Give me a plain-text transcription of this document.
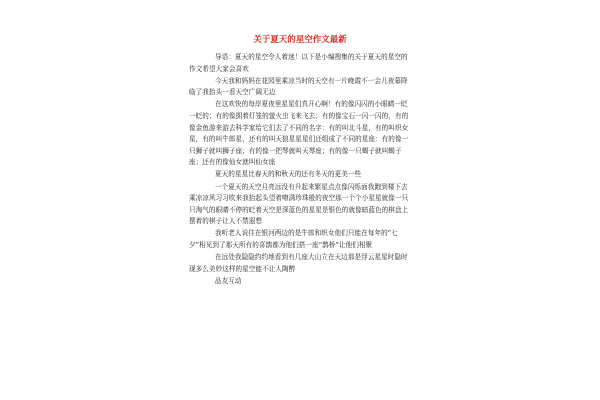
关于夏天的星空作文最新
导语：夏天的星空令人着迷！以下是小编搜集的关于夏天的星空的作文希望大家会喜欢
今天我和妈妈在花园里乘凉当时的天空有一片晚霞不一会儿夜幕降临了我抬头一看天空广阔无边
在这欢快的每岸夏夜里星星们真开心啊！有的像闪闪的小眼睛一眨一眨的；有的像拥着灯笼的萤火虫飞来飞去；有的像宝石一闪一闪的，有的像金鱼游来游去科学家给它们去了不同的名字：有的叫北斗星，有的叫织女星，有的叫牛郎星，还有的叫天狼星星星们还组成了不同的星座：有的像一只狮子就叫狮子座；有的像一把琴就叫天琴座；有的像一只蝎子就叫蝎子座；还有的像仙女就叫仙女座
夏天的星星比春天的和秋天的还有冬天的更美一些
一个夏天的天空月亮远没有升起来繁星点点像闪烁面我跑到楼下去乘凉凉风习习吹来我抬起头望着嘹满珍珠般的夜空那一个个小星星就像一只只淘气的眼睛不停的眨着天空是深蓝色的星星是银色的就像暗蓝色的棋盘上摆着的棋子让人不禁遐想
我听老人说住在银河两边的是牛郎和织女他们只能在每年的“七夕”相见到了那天所有的喜鹊都为他们搭一座“鹊桥”让他们相聚
在远处我隐隐约约地看到有几座大山立在天边那是浮云星星时隐时现多么美妙这样的星空能不让人陶醉
品友互动
